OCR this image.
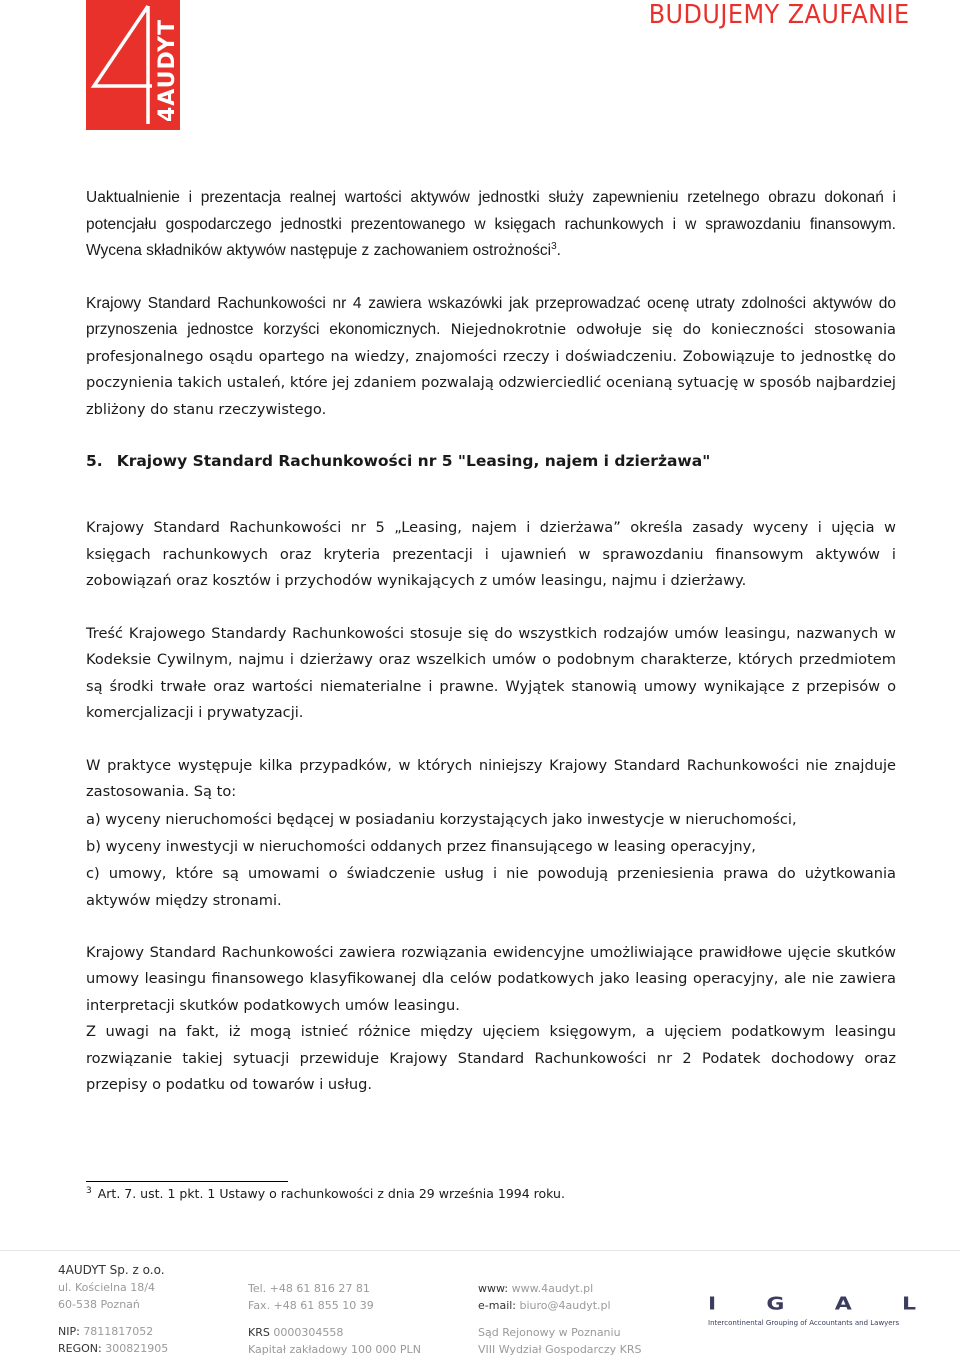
4AUDYT
BUDUJEMY ZAUFANIE

Uaktualnienie i prezentacja realnej wartości aktywów jednostki służy zapewnieniu rzetelnego obrazu dokonań i potencjału gospodarczego jednostki prezentowanego w księgach rachunkowych i w sprawozdaniu finansowym. Wycena składników aktywów następuje z zachowaniem ostrożności$^3$.

Krajowy Standard Rachunkowości nr 4 zawiera wskazówki jak przeprowadzać ocenę utraty zdolności aktywów do przynoszenia jednostce korzyści ekonomicznych. Niejednokrotnie odwołuje się do konieczności stosowania profesjonalnego osądu opartego na wiedzy, znajomości rzeczy i doświadczeniu. Zobowiązuje to jednostkę do poczynienia takich ustaleń, które jej zdaniem pozwalają odzwierciedlić ocenianą sytuację w sposób najbardziej zbliżony do stanu rzeczywistego.

5. Krajowy Standard Rachunkowości nr 5 "Leasing, najem i dzierżawa"

Krajowy Standard Rachunkowości nr 5 „Leasing, najem i dzierżawa” określa zasady wyceny i ujęcia w księgach rachunkowych oraz kryteria prezentacji i ujawnień w sprawozdaniu finansowym aktywów i zobowiązań oraz kosztów i przychodów wynikających z umów leasingu, najmu i dzierżawy.

Treść Krajowego Standardy Rachunkowości stosuje się do wszystkich rodzajów umów leasingu, nazwanych w Kodeksie Cywilnym, najmu i dzierżawy oraz wszelkich umów o podobnym charakterze, których przedmiotem są środki trwałe oraz wartości niematerialne i prawne. Wyjątek stanowią umowy wynikające z przepisów o komercjalizacji i prywatyzacji.

W praktyce występuje kilka przypadków, w których niniejszy Krajowy Standard Rachunkowości nie znajduje zastosowania. Są to:

a) wyceny nieruchomości będącej w posiadaniu korzystających jako inwestycje w nieruchomości,

b) wyceny inwestycji w nieruchomości oddanych przez finansującego w leasing operacyjny,

c) umowy, które są umowami o świadczenie usług i nie powodują przeniesienia prawa do użytkowania aktywów między stronami.

Krajowy Standard Rachunkowości zawiera rozwiązania ewidencyjne umożliwiające prawidłowe ujęcie skutków umowy leasingu finansowego klasyfikowanej dla celów podatkowych jako leasing operacyjny, ale nie zawiera interpretacji skutków podatkowych umów leasingu.

Z uwagi na fakt, iż mogą istnieć różnice między ujęciem księgowym, a ujęciem podatkowym leasingu rozwiązanie takiej sytuacji przewiduje Krajowy Standard Rachunkowości nr 2 Podatek dochodowy oraz przepisy o podatku od towarów i usług.

$^3$ Art. 7. ust. 1 pkt. 1 Ustawy o rachunkowości z dnia 29 września 1994 roku.
4AUDYT Sp. z o.o.
ul. Kościelna 18/4
60-538 Poznań
NIP: 7811817052
REGON: 300821905
Tel. +48 61 816 27 81
Fax. +48 61 855 10 39
KRS 0000304558
Kapitał zakładowy 100 000 PLN
www: www.4audyt.pl
e-mail: biuro@4audyt.pl
Sąd Rejonowy w Poznaniu
VIII Wydział Gospodarczy KRS
I G A L
Intercontinental Grouping of Accountants and Lawyers
